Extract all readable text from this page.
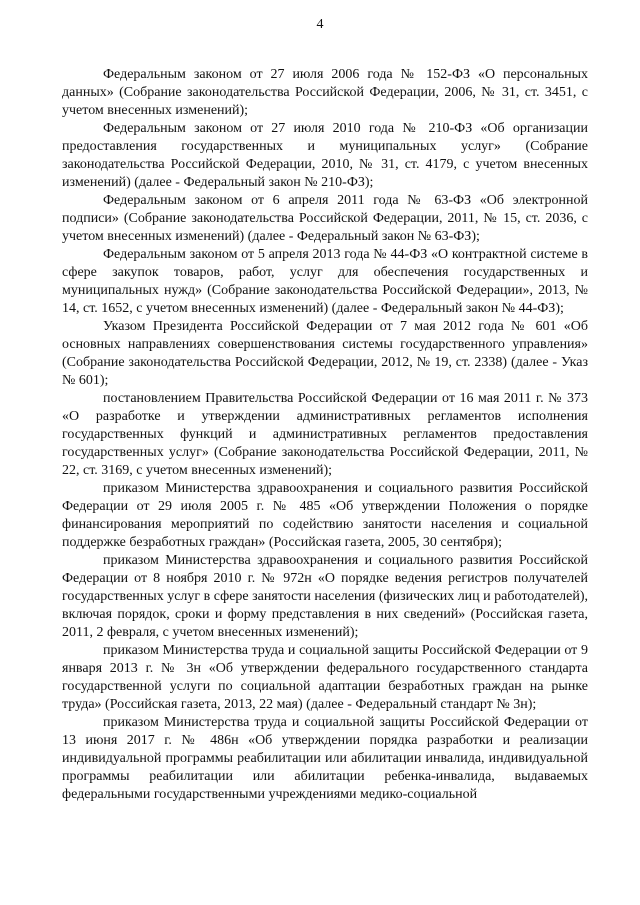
4

Федеральным законом от 27 июля 2006 года № 152-ФЗ «О персональных данных» (Собрание законодательства Российской Федерации, 2006, № 31, ст. 3451, с учетом внесенных изменений);

Федеральным законом от 27 июля 2010 года № 210-ФЗ «Об организации предоставления государственных и муниципальных услуг» (Собрание законодательства Российской Федерации, 2010, № 31, ст. 4179, с учетом внесенных изменений) (далее - Федеральный закон № 210-ФЗ);

Федеральным законом от 6 апреля 2011 года № 63-ФЗ «Об электронной подписи» (Собрание законодательства Российской Федерации, 2011, № 15, ст. 2036, с учетом внесенных изменений) (далее - Федеральный закон № 63-ФЗ);

Федеральным законом от 5 апреля 2013 года № 44-ФЗ «О контрактной системе в сфере закупок товаров, работ, услуг для обеспечения государственных и муниципальных нужд» (Собрание законодательства Российской Федерации», 2013, № 14, ст. 1652, с учетом внесенных изменений) (далее - Федеральный закон № 44-ФЗ);

Указом Президента Российской Федерации от 7 мая 2012 года № 601 «Об основных направлениях совершенствования системы государственного управления» (Собрание законодательства Российской Федерации, 2012, № 19, ст. 2338) (далее - Указ № 601);

постановлением Правительства Российской Федерации от 16 мая 2011 г. № 373 «О разработке и утверждении административных регламентов исполнения государственных функций и административных регламентов предоставления государственных услуг» (Собрание законодательства Российской Федерации, 2011, № 22, ст. 3169, с учетом внесенных изменений);

приказом Министерства здравоохранения и социального развития Российской Федерации от 29 июля 2005 г. № 485 «Об утверждении Положения о порядке финансирования мероприятий по содействию занятости населения и социальной поддержке безработных граждан» (Российская газета, 2005, 30 сентября);

приказом Министерства здравоохранения и социального развития Российской Федерации от 8 ноября 2010 г. № 972н «О порядке ведения регистров получателей государственных услуг в сфере занятости населения (физических лиц и работодателей), включая порядок, сроки и форму представления в них сведений» (Российская газета, 2011, 2 февраля, с учетом внесенных изменений);

приказом Министерства труда и социальной защиты Российской Федерации от 9 января 2013 г. № 3н «Об утверждении федерального государственного стандарта государственной услуги по социальной адаптации безработных граждан на рынке труда» (Российская газета, 2013, 22 мая) (далее - Федеральный стандарт № 3н);

приказом Министерства труда и социальной защиты Российской Федерации от 13 июня 2017 г. № 486н «Об утверждении порядка разработки и реализации индивидуальной программы реабилитации или абилитации инвалида, индивидуальной программы реабилитации или абилитации ребенка-инвалида, выдаваемых федеральными государственными учреждениями медико-социальной
